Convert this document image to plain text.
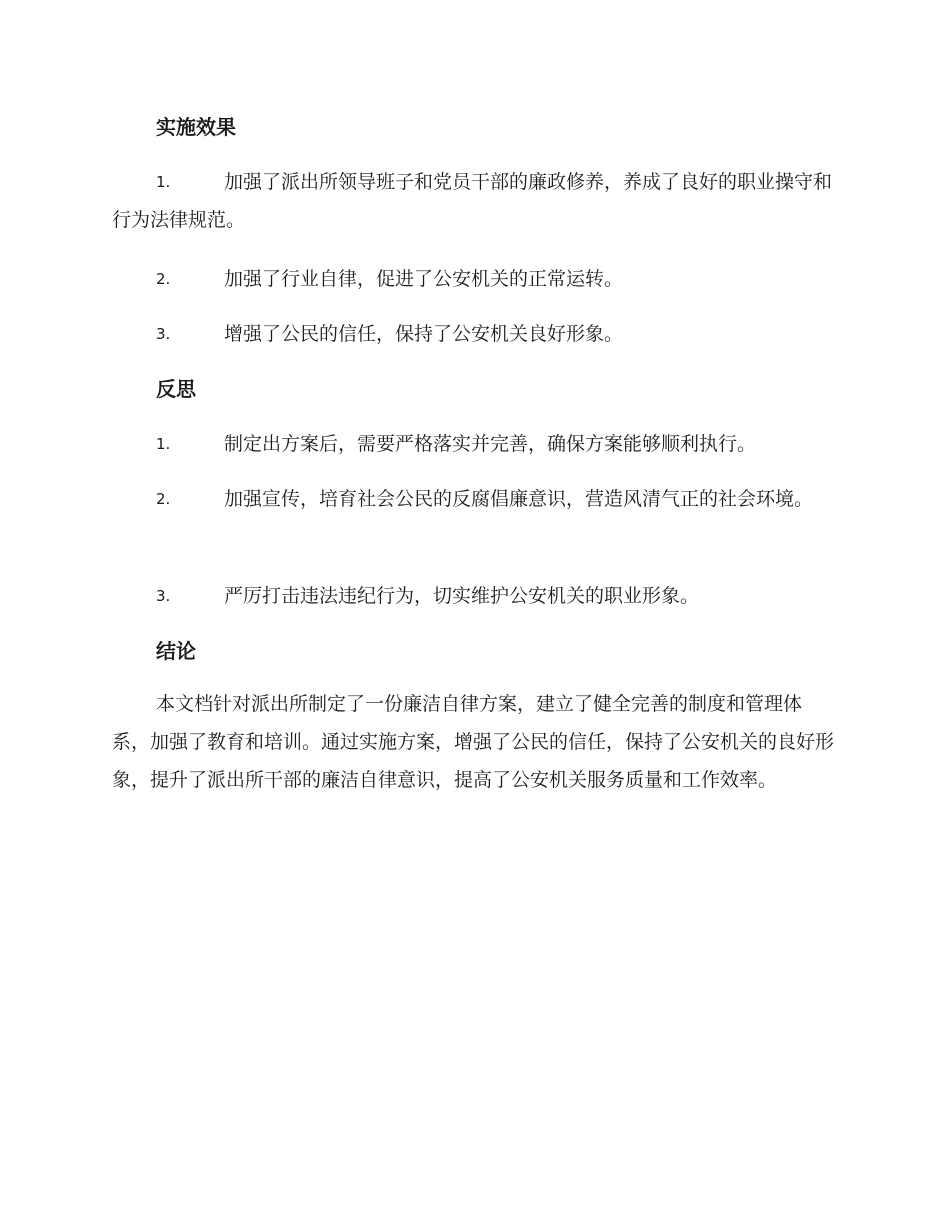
实施效果
1.	加强了派出所领导班子和党员干部的廉政修养，养成了良好的职业操守和行为法律规范。
2.	加强了行业自律，促进了公安机关的正常运转。
3.	增强了公民的信任，保持了公安机关良好形象。
反思
1.	制定出方案后，需要严格落实并完善，确保方案能够顺利执行。
2.	加强宣传，培育社会公民的反腐倡廉意识，营造风清气正的社会环境。
3.	严厉打击违法违纪行为，切实维护公安机关的职业形象。
结论

本文档针对派出所制定了一份廉洁自律方案，建立了健全完善的制度和管理体系，加强了教育和培训。通过实施方案，增强了公民的信任，保持了公安机关的良好形象，提升了派出所干部的廉洁自律意识，提高了公安机关服务质量和工作效率。
